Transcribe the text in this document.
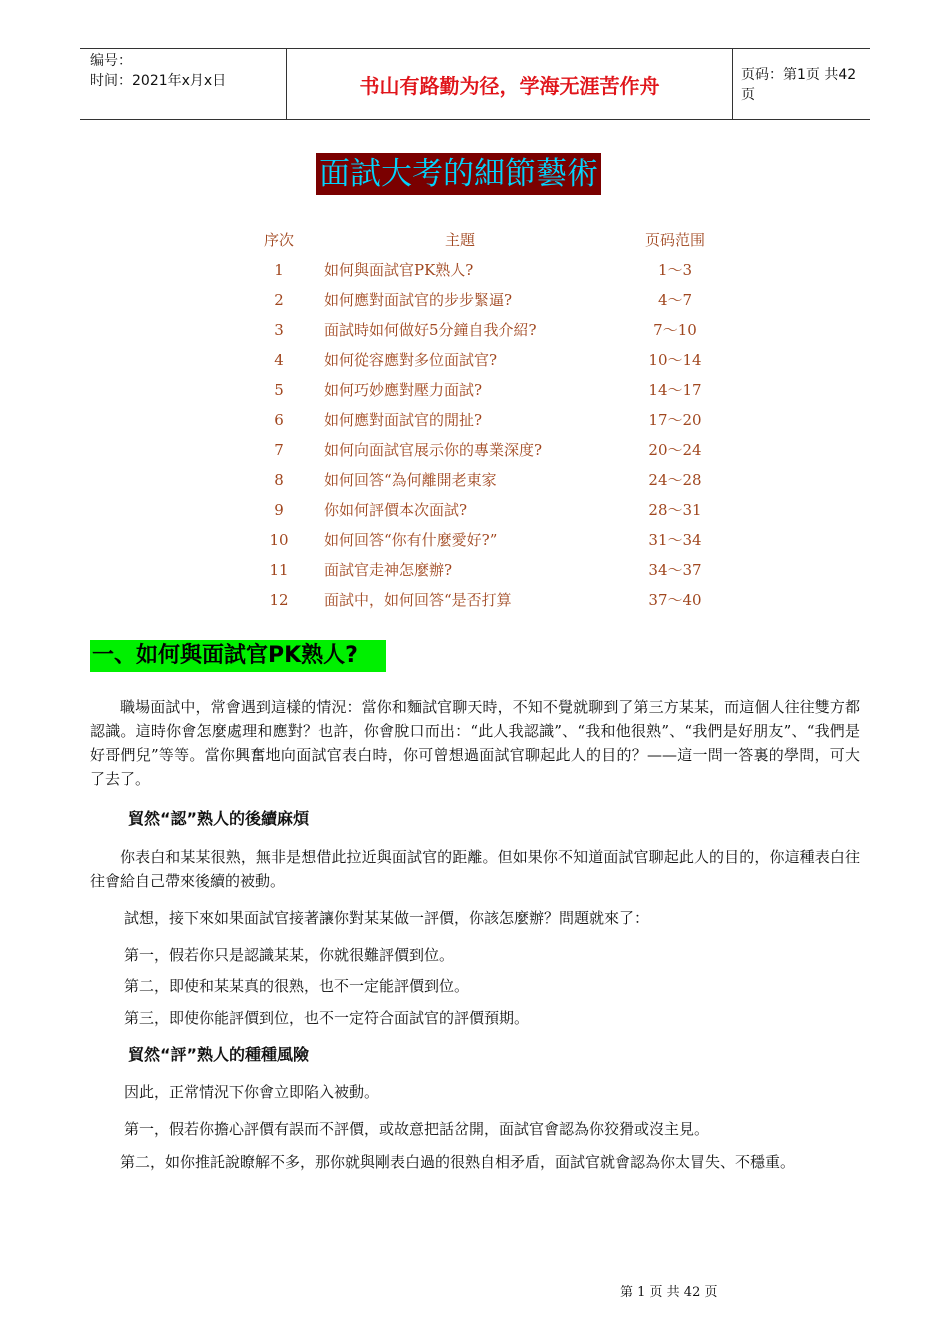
编号：
时间：2021年x月x日	书山有路勤为径，学海无涯苦作舟	页码：第1页 共42页
面試大考的細節藝術
序次	主題	页码范围
1	如何與面試官PK熟人?	1～3
2	如何應對面試官的步步緊逼?	4～7
3	面試時如何做好5分鐘自我介紹?	7～10
4	如何從容應對多位面試官?	10～14
5	如何巧妙應對壓力面試?	14～17
6	如何應對面試官的閒扯?	17～20
7	如何向面試官展示你的專業深度?	20～24
8	如何回答“為何離開老東家	24～28
9	你如何評價本次面試?	28～31
10	如何回答“你有什麼愛好?”	31～34
11	面試官走神怎麼辦?	34～37
12	面試中，如何回答“是否打算	37～40
一、如何與面試官PK熟人?
職場面試中，常會遇到這樣的情況：當你和麵試官聊天時，不知不覺就聊到了第三方某某，而這個人往往雙方都認識。這時你會怎麼處理和應對？也許，你會脫口而出：“此人我認識”、“我和他很熟”、“我們是好朋友”、“我們是好哥們兒”等等。當你興奮地向面試官表白時，你可曾想過面試官聊起此人的目的？——這一問一答裏的學問，可大了去了。
貿然“認”熟人的後續麻煩
你表白和某某很熟，無非是想借此拉近與面試官的距離。但如果你不知道面試官聊起此人的目的，你這種表白往往會給自己帶來後續的被動。
試想，接下來如果面試官接著讓你對某某做一評價，你該怎麼辦？問題就來了：
第一，假若你只是認識某某，你就很難評價到位。
第二，即使和某某真的很熟，也不一定能評價到位。
第三，即使你能評價到位，也不一定符合面試官的評價預期。
貿然“評”熟人的種種風險
因此，正常情況下你會立即陷入被動。
第一，假若你擔心評價有誤而不評價，或故意把話岔開，面試官會認為你狡猾或沒主見。
第二，如你推託說瞭解不多，那你就與剛表白過的很熟自相矛盾，面試官就會認為你太冒失、不穩重。
第 1 页 共 42 页
